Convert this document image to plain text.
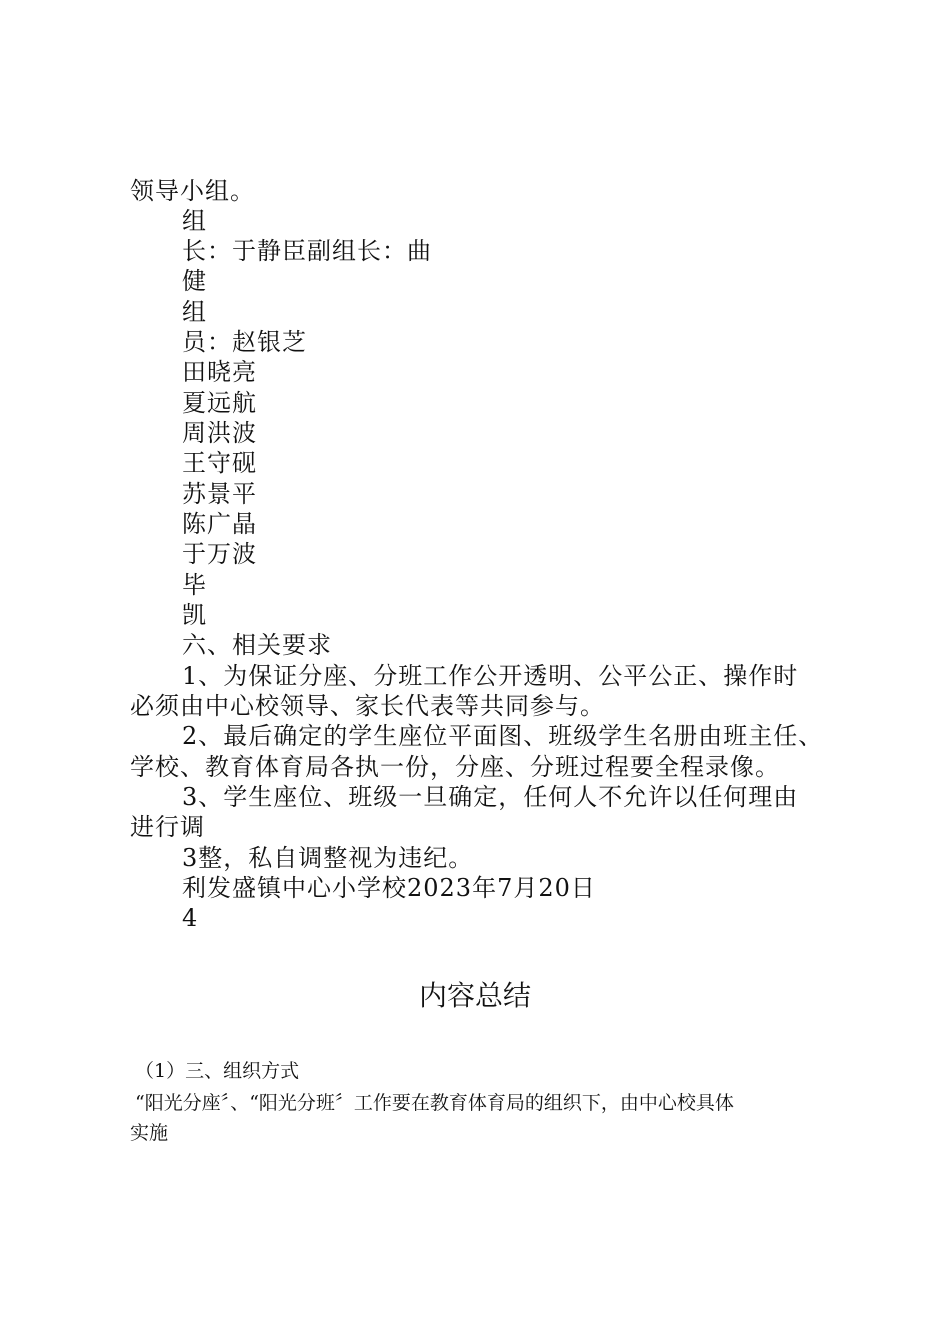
领导小组。
组
长：于静臣副组长：曲
健
组
员：赵银芝
田晓亮
夏远航
周洪波
王守砚
苏景平
陈广晶
于万波
毕
凯
六、相关要求
1、为保证分座、分班工作公开透明、公平公正、操作时
必须由中心校领导、家长代表等共同参与。
2、最后确定的学生座位平面图、班级学生名册由班主任、
学校、教育体育局各执一份，分座、分班过程要全程录像。
3、学生座位、班级一旦确定，任何人不允许以任何理由
进行调
3整，私自调整视为违纪。
利发盛镇中心小学校2023年7月20日
4
内容总结
（1）三、组织方式
“阳光分座〞、“阳光分班〞工作要在教育体育局的组织下，由中心校具体
实施
